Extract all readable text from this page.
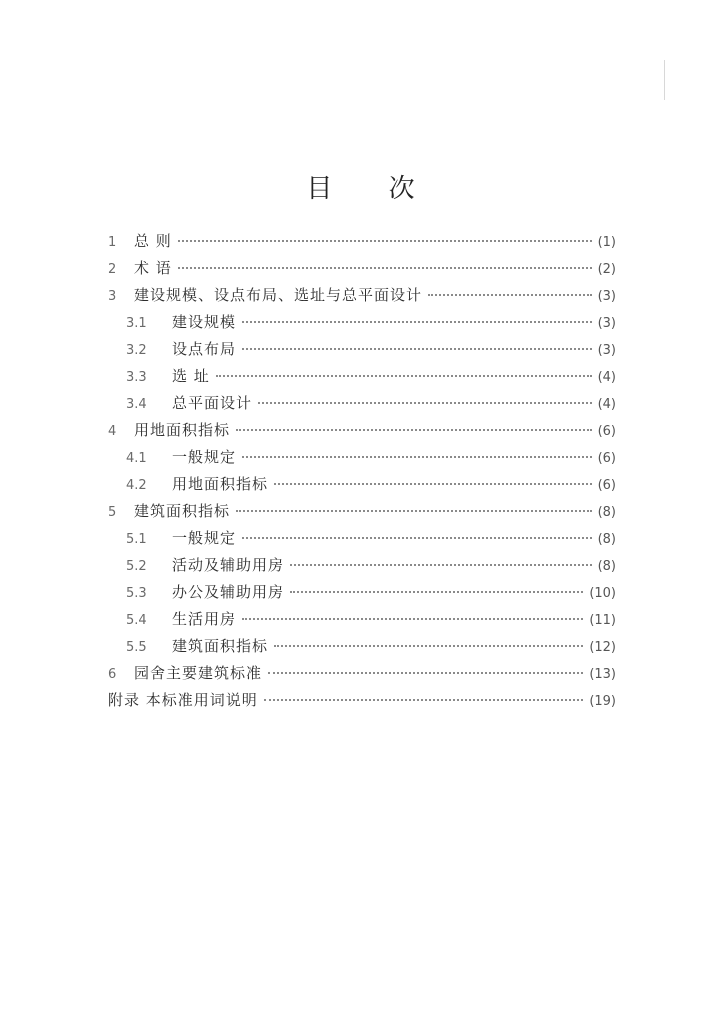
目 次
1	总 则	(1)
2	术 语	(2)
3	建设规模、设点布局、选址与总平面设计	(3)
3.1	建设规模	(3)
3.2	设点布局	(3)
3.3	选 址	(4)
3.4	总平面设计	(4)
4	用地面积指标	(6)
4.1	一般规定	(6)
4.2	用地面积指标	(6)
5	建筑面积指标	(8)
5.1	一般规定	(8)
5.2	活动及辅助用房	(8)
5.3	办公及辅助用房	(10)
5.4	生活用房	(11)
5.5	建筑面积指标	(12)
6	园舍主要建筑标准	(13)
附录 本标准用词说明	(19)
